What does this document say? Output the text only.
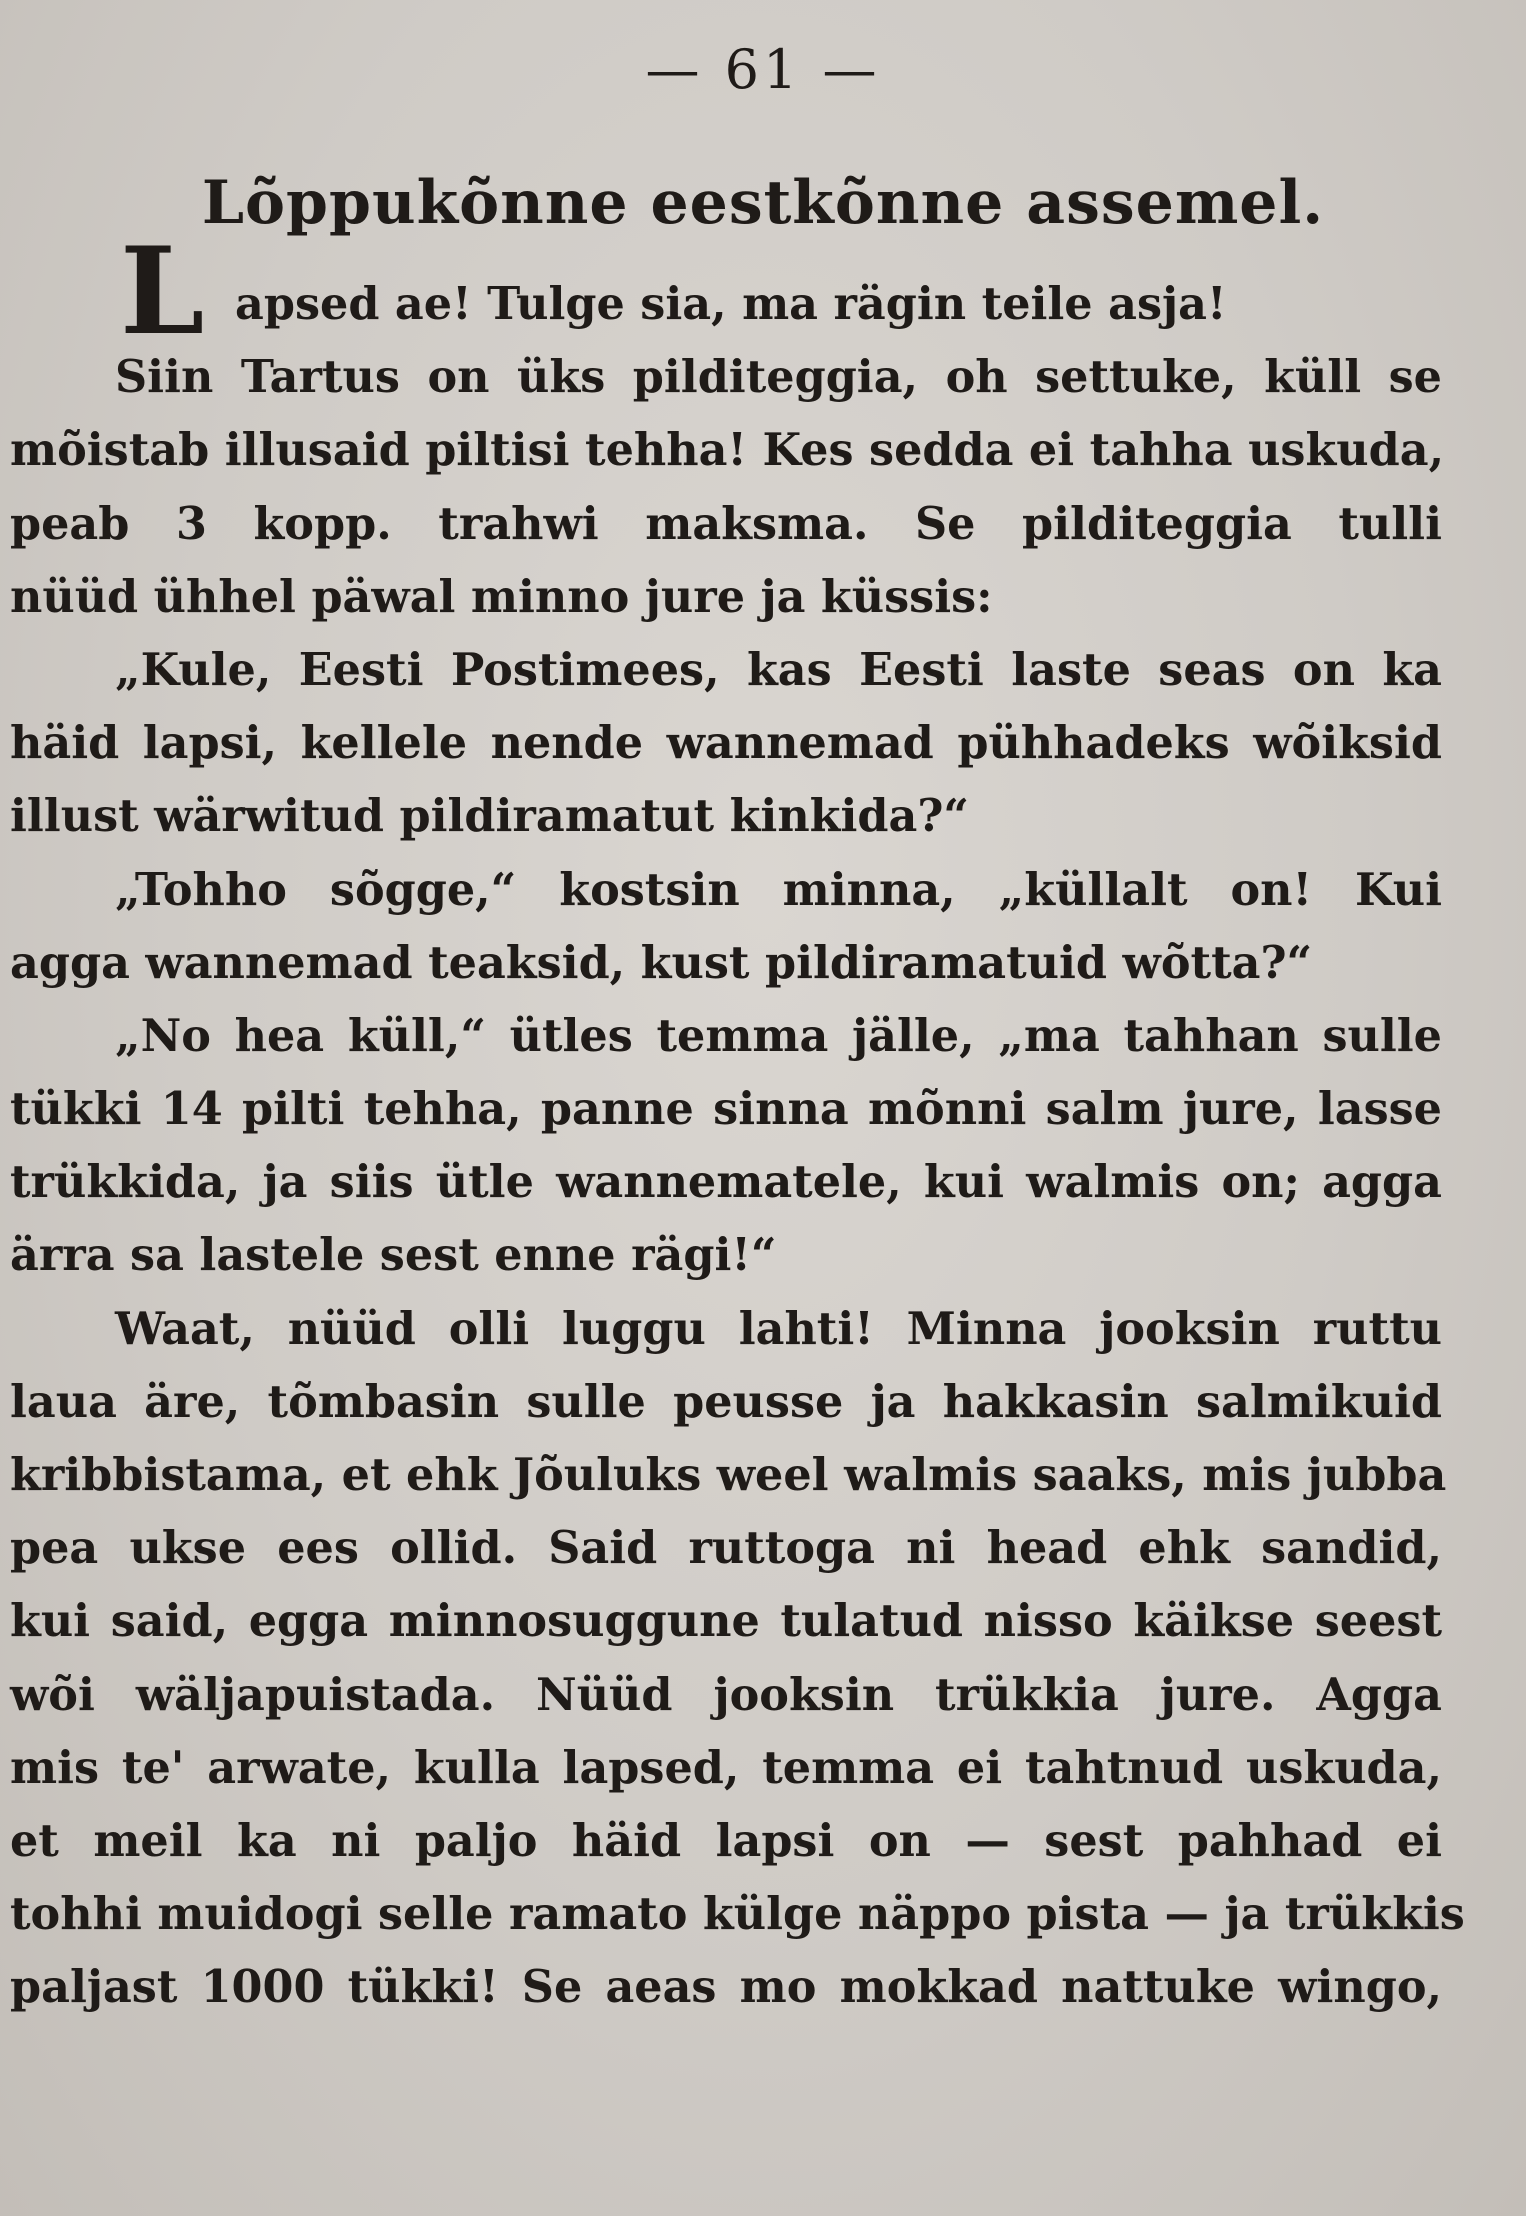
— 61 —
Lõppukõnne eestkõnne assemel.
L apsed ae! Tulge sia, ma rägin teile asja!
Siin Tartus on üks pilditeggia, oh settuke, küll se
mõistab illusaid piltisi tehha! Kes sedda ei tahha uskuda,
peab 3 kopp. trahwi maksma. Se pilditeggia tulli
nüüd ühhel päwal minno jure ja küssis:
„Kule, Eesti Postimees, kas Eesti laste seas on ka
häid lapsi, kellele nende wannemad pühhadeks wõiksid
illust wärwitud pildiramatut kinkida?“
„Tohho sõgge,“ kostsin minna, „küllalt on! Kui
agga wannemad teaksid, kust pildiramatuid wõtta?“
„No hea küll,“ ütles temma jälle, „ma tahhan sulle
tükki 14 pilti tehha, panne sinna mõnni salm jure, lasse
trükkida, ja siis ütle wannematele, kui walmis on; agga
ärra sa lastele sest enne rägi!“
Waat, nüüd olli luggu lahti! Minna jooksin ruttu
laua äre, tõmbasin sulle peusse ja hakkasin salmikuid
kribbistama, et ehk Jõuluks weel walmis saaks, mis jubba
pea ukse ees ollid. Said ruttoga ni head ehk sandid,
kui said, egga minnosuggune tulatud nisso käikse seest
wõi wäljapuistada. Nüüd jooksin trükkia jure. Agga
mis te' arwate, kulla lapsed, temma ei tahtnud uskuda,
et meil ka ni paljo häid lapsi on — sest pahhad ei
tohhi muidogi selle ramato külge näppo pista — ja trükkis
paljast 1000 tükki! Se aeas mo mokkad nattuke wingo,
